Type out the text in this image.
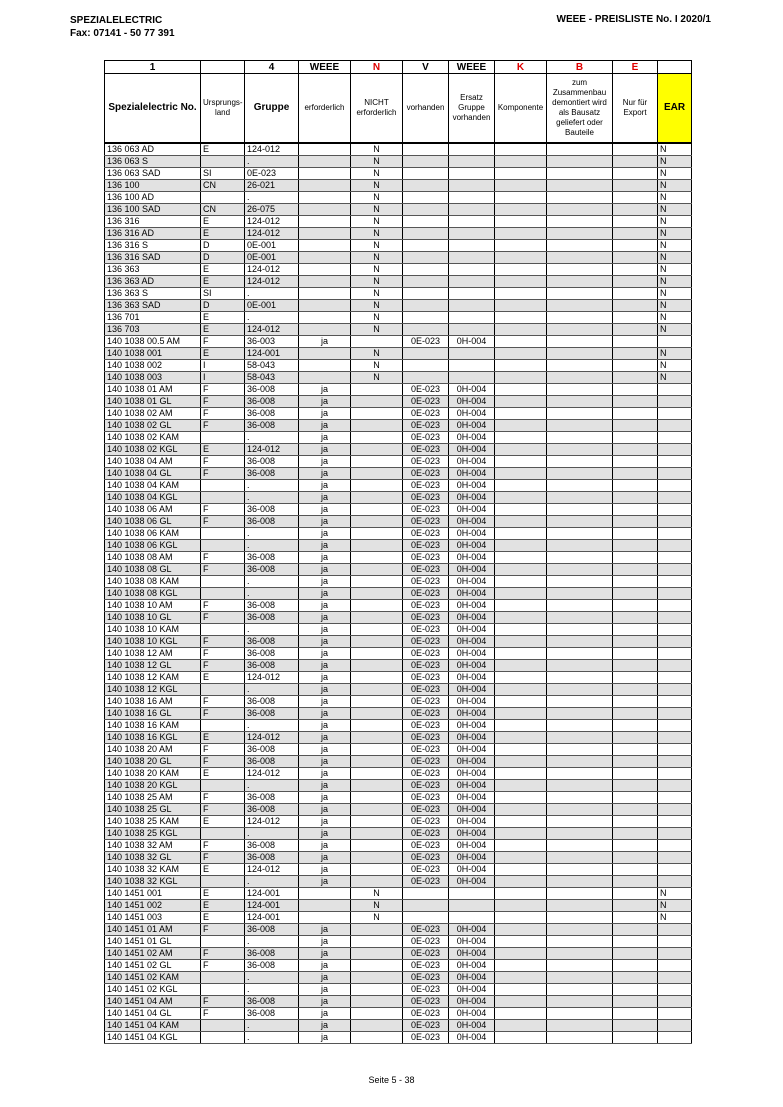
SPEZIALELECTRIC
Fax: 07141 - 50 77 391
WEEE - PREISLISTE No. I 2020/1
1		4	WEEE	N	V	WEEE	K	B	E	
Spezialelectric No.	Ursprungs-land	Gruppe	erforderlich	NICHT erforderlich	vorhanden	Ersatz Gruppe vorhanden	Komponente	zum Zusammenbau demontiert wird als Bausatz geliefert oder Bauteile	Nur für Export	EAR
136 063 AD	E	124-012		N						N
136 063 S		.		N						N
136 063 SAD	SI	0E-023		N						N
136 100	CN	26-021		N						N
136 100 AD		.		N						N
136 100 SAD	CN	26-075		N						N
136 316	E	124-012		N						N
136 316 AD	E	124-012		N						N
136 316 S	D	0E-001		N						N
136 316 SAD	D	0E-001		N						N
136 363	E	124-012		N						N
136 363 AD	E	124-012		N						N
136 363 S	SI	.		N						N
136 363 SAD	D	0E-001		N						N
136 701	E	.		N						N
136 703	E	124-012		N						N
140 1038 00.5 AM	F	36-003	ja		0E-023	0H-004				
140 1038 001	E	124-001		N						N
140 1038 002	I	58-043		N						N
140 1038 003	I	58-043		N						N
140 1038 01 AM	F	36-008	ja		0E-023	0H-004				
140 1038 01 GL	F	36-008	ja		0E-023	0H-004				
140 1038 02 AM	F	36-008	ja		0E-023	0H-004				
140 1038 02 GL	F	36-008	ja		0E-023	0H-004				
140 1038 02 KAM		.	ja		0E-023	0H-004				
140 1038 02 KGL	E	124-012	ja		0E-023	0H-004				
140 1038 04 AM	F	36-008	ja		0E-023	0H-004				
140 1038 04 GL	F	36-008	ja		0E-023	0H-004				
140 1038 04 KAM		.	ja		0E-023	0H-004				
140 1038 04 KGL		.	ja		0E-023	0H-004				
140 1038 06 AM	F	36-008	ja		0E-023	0H-004				
140 1038 06 GL	F	36-008	ja		0E-023	0H-004				
140 1038 06 KAM		.	ja		0E-023	0H-004				
140 1038 06 KGL		.	ja		0E-023	0H-004				
140 1038 08 AM	F	36-008	ja		0E-023	0H-004				
140 1038 08 GL	F	36-008	ja		0E-023	0H-004				
140 1038 08 KAM		.	ja		0E-023	0H-004				
140 1038 08 KGL		.	ja		0E-023	0H-004				
140 1038 10 AM	F	36-008	ja		0E-023	0H-004				
140 1038 10 GL	F	36-008	ja		0E-023	0H-004				
140 1038 10 KAM		.	ja		0E-023	0H-004				
140 1038 10 KGL	F	36-008	ja		0E-023	0H-004				
140 1038 12 AM	F	36-008	ja		0E-023	0H-004				
140 1038 12 GL	F	36-008	ja		0E-023	0H-004				
140 1038 12 KAM	E	124-012	ja		0E-023	0H-004				
140 1038 12 KGL		.	ja		0E-023	0H-004				
140 1038 16 AM	F	36-008	ja		0E-023	0H-004				
140 1038 16 GL	F	36-008	ja		0E-023	0H-004				
140 1038 16 KAM		.	ja		0E-023	0H-004				
140 1038 16 KGL	E	124-012	ja		0E-023	0H-004				
140 1038 20 AM	F	36-008	ja		0E-023	0H-004				
140 1038 20 GL	F	36-008	ja		0E-023	0H-004				
140 1038 20 KAM	E	124-012	ja		0E-023	0H-004				
140 1038 20 KGL		.	ja		0E-023	0H-004				
140 1038 25 AM	F	36-008	ja		0E-023	0H-004				
140 1038 25 GL	F	36-008	ja		0E-023	0H-004				
140 1038 25 KAM	E	124-012	ja		0E-023	0H-004				
140 1038 25 KGL		.	ja		0E-023	0H-004				
140 1038 32 AM	F	36-008	ja		0E-023	0H-004				
140 1038 32 GL	F	36-008	ja		0E-023	0H-004				
140 1038 32 KAM	E	124-012	ja		0E-023	0H-004				
140 1038 32 KGL		.	ja		0E-023	0H-004				
140 1451 001	E	124-001		N						N
140 1451 002	E	124-001		N						N
140 1451 003	E	124-001		N						N
140 1451 01 AM	F	36-008	ja		0E-023	0H-004				
140 1451 01 GL		.	ja		0E-023	0H-004				
140 1451 02 AM	F	36-008	ja		0E-023	0H-004				
140 1451 02 GL	F	36-008	ja		0E-023	0H-004				
140 1451 02 KAM		.	ja		0E-023	0H-004				
140 1451 02 KGL		.	ja		0E-023	0H-004				
140 1451 04 AM	F	36-008	ja		0E-023	0H-004				
140 1451 04 GL	F	36-008	ja		0E-023	0H-004				
140 1451 04 KAM		.	ja		0E-023	0H-004				
140 1451 04 KGL		.	ja		0E-023	0H-004				
Seite 5 - 38
